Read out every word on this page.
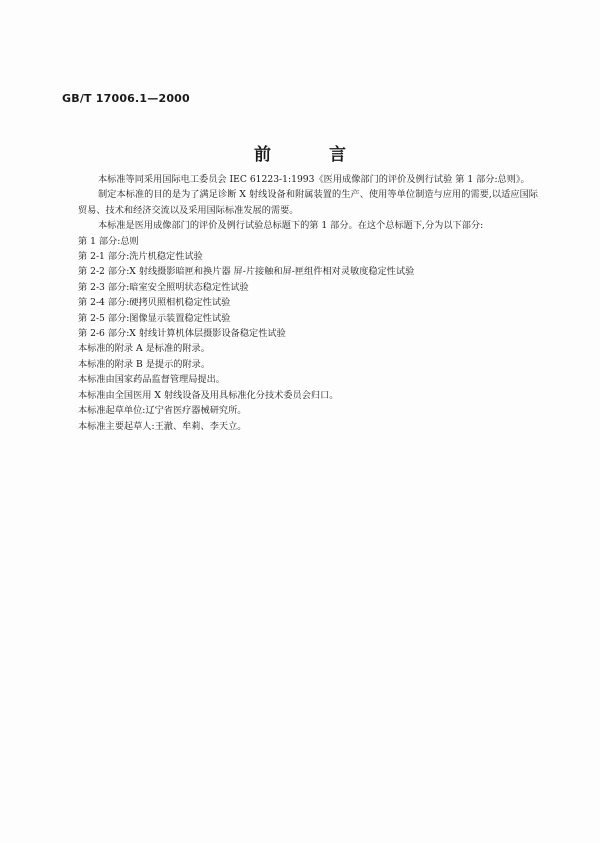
GB/T 17006.1—2000
前 言

本标准等同采用国际电工委员会 IEC 61223-1:1993《医用成像部门的评价及例行试验 第 1 部分:总则》。

制定本标准的目的是为了满足诊断 X 射线设备和附属装置的生产、使用等单位制造与应用的需要,以适应国际贸易、技术和经济交流以及采用国际标准发展的需要。

本标准是医用成像部门的评价及例行试验总标题下的第 1 部分。在这个总标题下,分为以下部分:

第 1 部分:总则

第 2-1 部分:洗片机稳定性试验

第 2-2 部分:X 射线摄影暗匣和换片器 屏-片接触和屏-匣组件相对灵敏度稳定性试验

第 2-3 部分:暗室安全照明状态稳定性试验

第 2-4 部分:硬拷贝照相机稳定性试验

第 2-5 部分:图像显示装置稳定性试验

第 2-6 部分:X 射线计算机体层摄影设备稳定性试验

本标准的附录 A 是标准的附录。

本标准的附录 B 是提示的附录。

本标准由国家药品监督管理局提出。

本标准由全国医用 X 射线设备及用具标准化分技术委员会归口。

本标准起草单位:辽宁省医疗器械研究所。

本标准主要起草人:王澈、牟莉、李天立。
